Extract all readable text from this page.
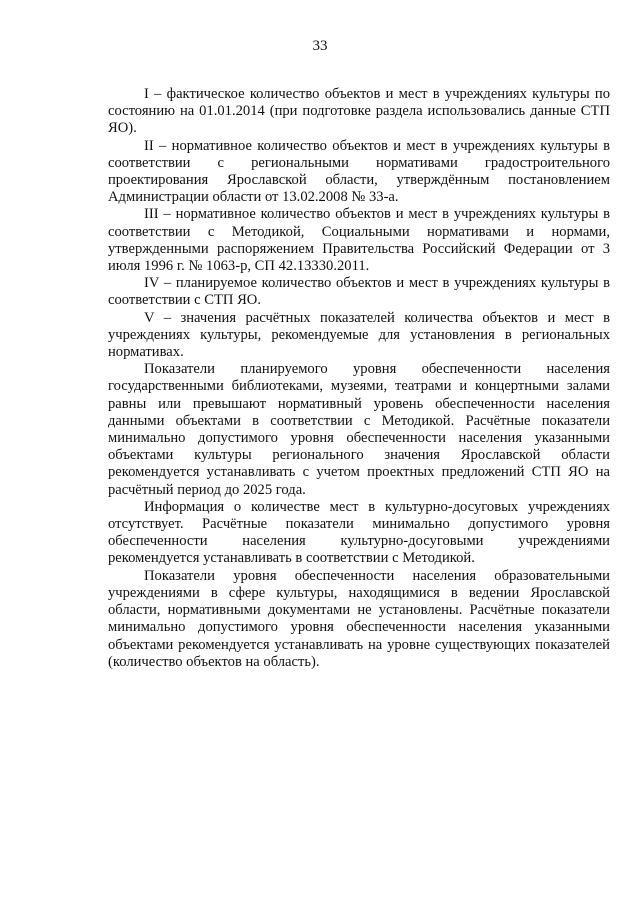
33

I – фактическое количество объектов и мест в учреждениях культуры по состоянию на 01.01.2014 (при подготовке раздела использовались данные СТП ЯО).

II – нормативное количество объектов и мест в учреждениях культуры в соответствии с региональными нормативами градостроительного проектирования Ярославской области, утверждённым постановлением Администрации области от 13.02.2008 № 33-а.

III – нормативное количество объектов и мест в учреждениях культуры в соответствии с Методикой, Социальными нормативами и нормами, утвержденными распоряжением Правительства Российский Федерации от 3 июля 1996 г. № 1063-р, СП 42.13330.2011.

IV – планируемое количество объектов и мест в учреждениях культуры в соответствии с СТП ЯО.

V – значения расчётных показателей количества объектов и мест в учреждениях культуры, рекомендуемые для установления в региональных нормативах.

Показатели планируемого уровня обеспеченности населения государственными библиотеками, музеями, театрами и концертными залами равны или превышают нормативный уровень обеспеченности населения данными объектами в соответствии с Методикой. Расчётные показатели минимально допустимого уровня обеспеченности населения указанными объектами культуры регионального значения Ярославской области рекомендуется устанавливать с учетом проектных предложений СТП ЯО на расчётный период до 2025 года.

Информация о количестве мест в культурно-досуговых учреждениях отсутствует. Расчётные показатели минимально допустимого уровня обеспеченности населения культурно-досуговыми учреждениями рекомендуется устанавливать в соответствии с Методикой.

Показатели уровня обеспеченности населения образовательными учреждениями в сфере культуры, находящимися в ведении Ярославской области, нормативными документами не установлены. Расчётные показатели минимально допустимого уровня обеспеченности населения указанными объектами рекомендуется устанавливать на уровне существующих показателей (количество объектов на область).
